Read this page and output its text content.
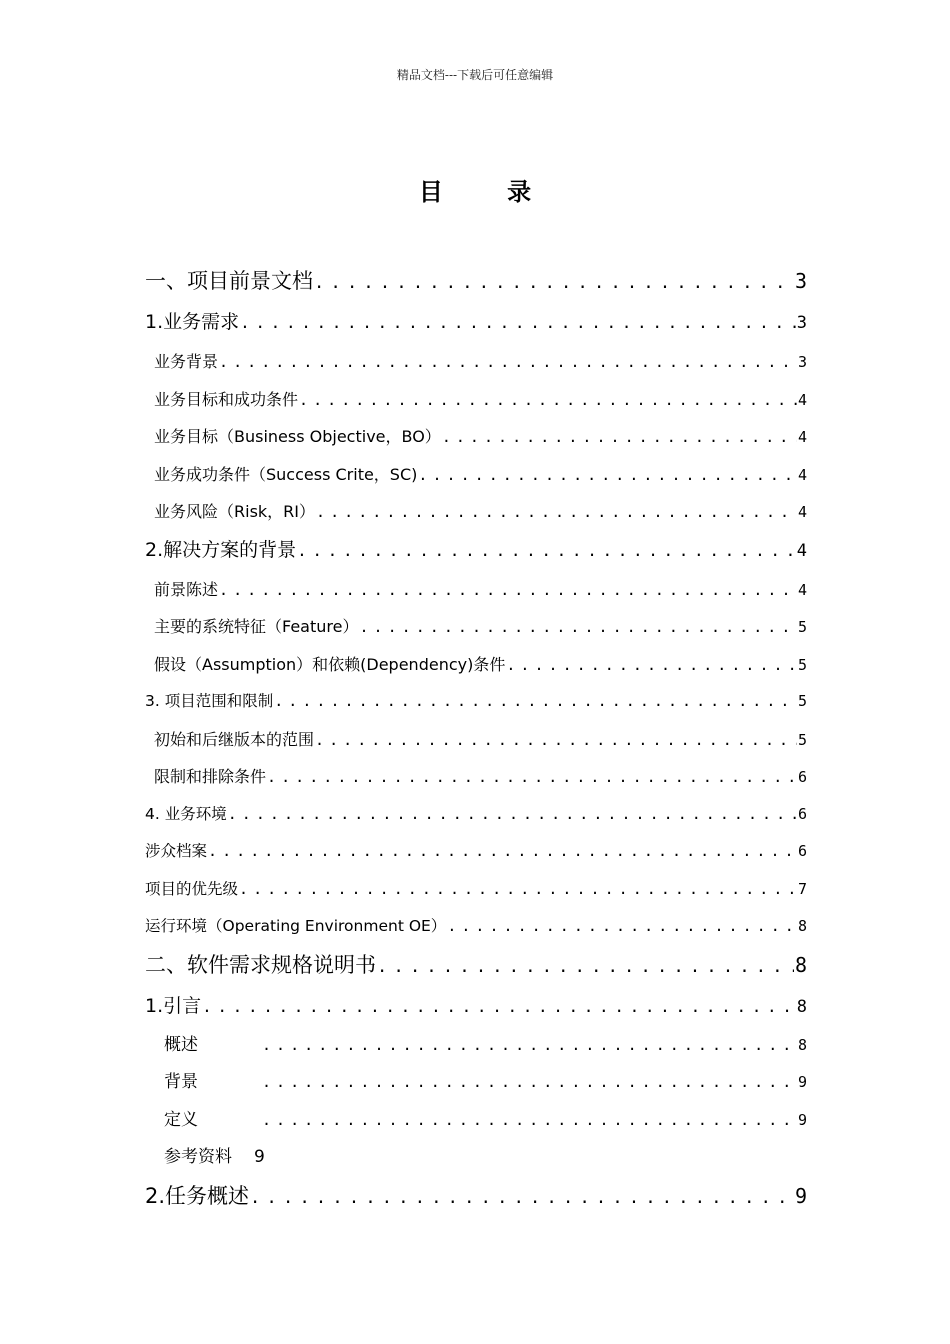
精品文档---下载后可任意编辑
目 录
一、项目前景文档 . . .	3
1.业务需求 . . .	3
业务背景 . . .	3
业务目标和成功条件 . . .	4
业务目标（Business Objective，BO） . . .	4
业务成功条件（Success Crite，SC) . . .	4
业务风险（Risk，RI） . . .	4
2.解决方案的背景 . . .	4
前景陈述 . . .	4
主要的系统特征（Feature） . . .	5
假设（Assumption）和依赖(Dependency)条件 . . .	5
3. 项目范围和限制 . . .	5
初始和后继版本的范围 . . .	5
限制和排除条件 . . .	6
4. 业务环境 . . .	6
涉众档案 . . .	6
项目的优先级 . . .	7
运行环境（Operating Environment OE） . . .	8
二、软件需求规格说明书 . . .	8
1.引言 . . .	8
概述 . . .	8
背景 . . .	9
定义 . . .	9
参考资料 9
2.任务概述 . . .	9
